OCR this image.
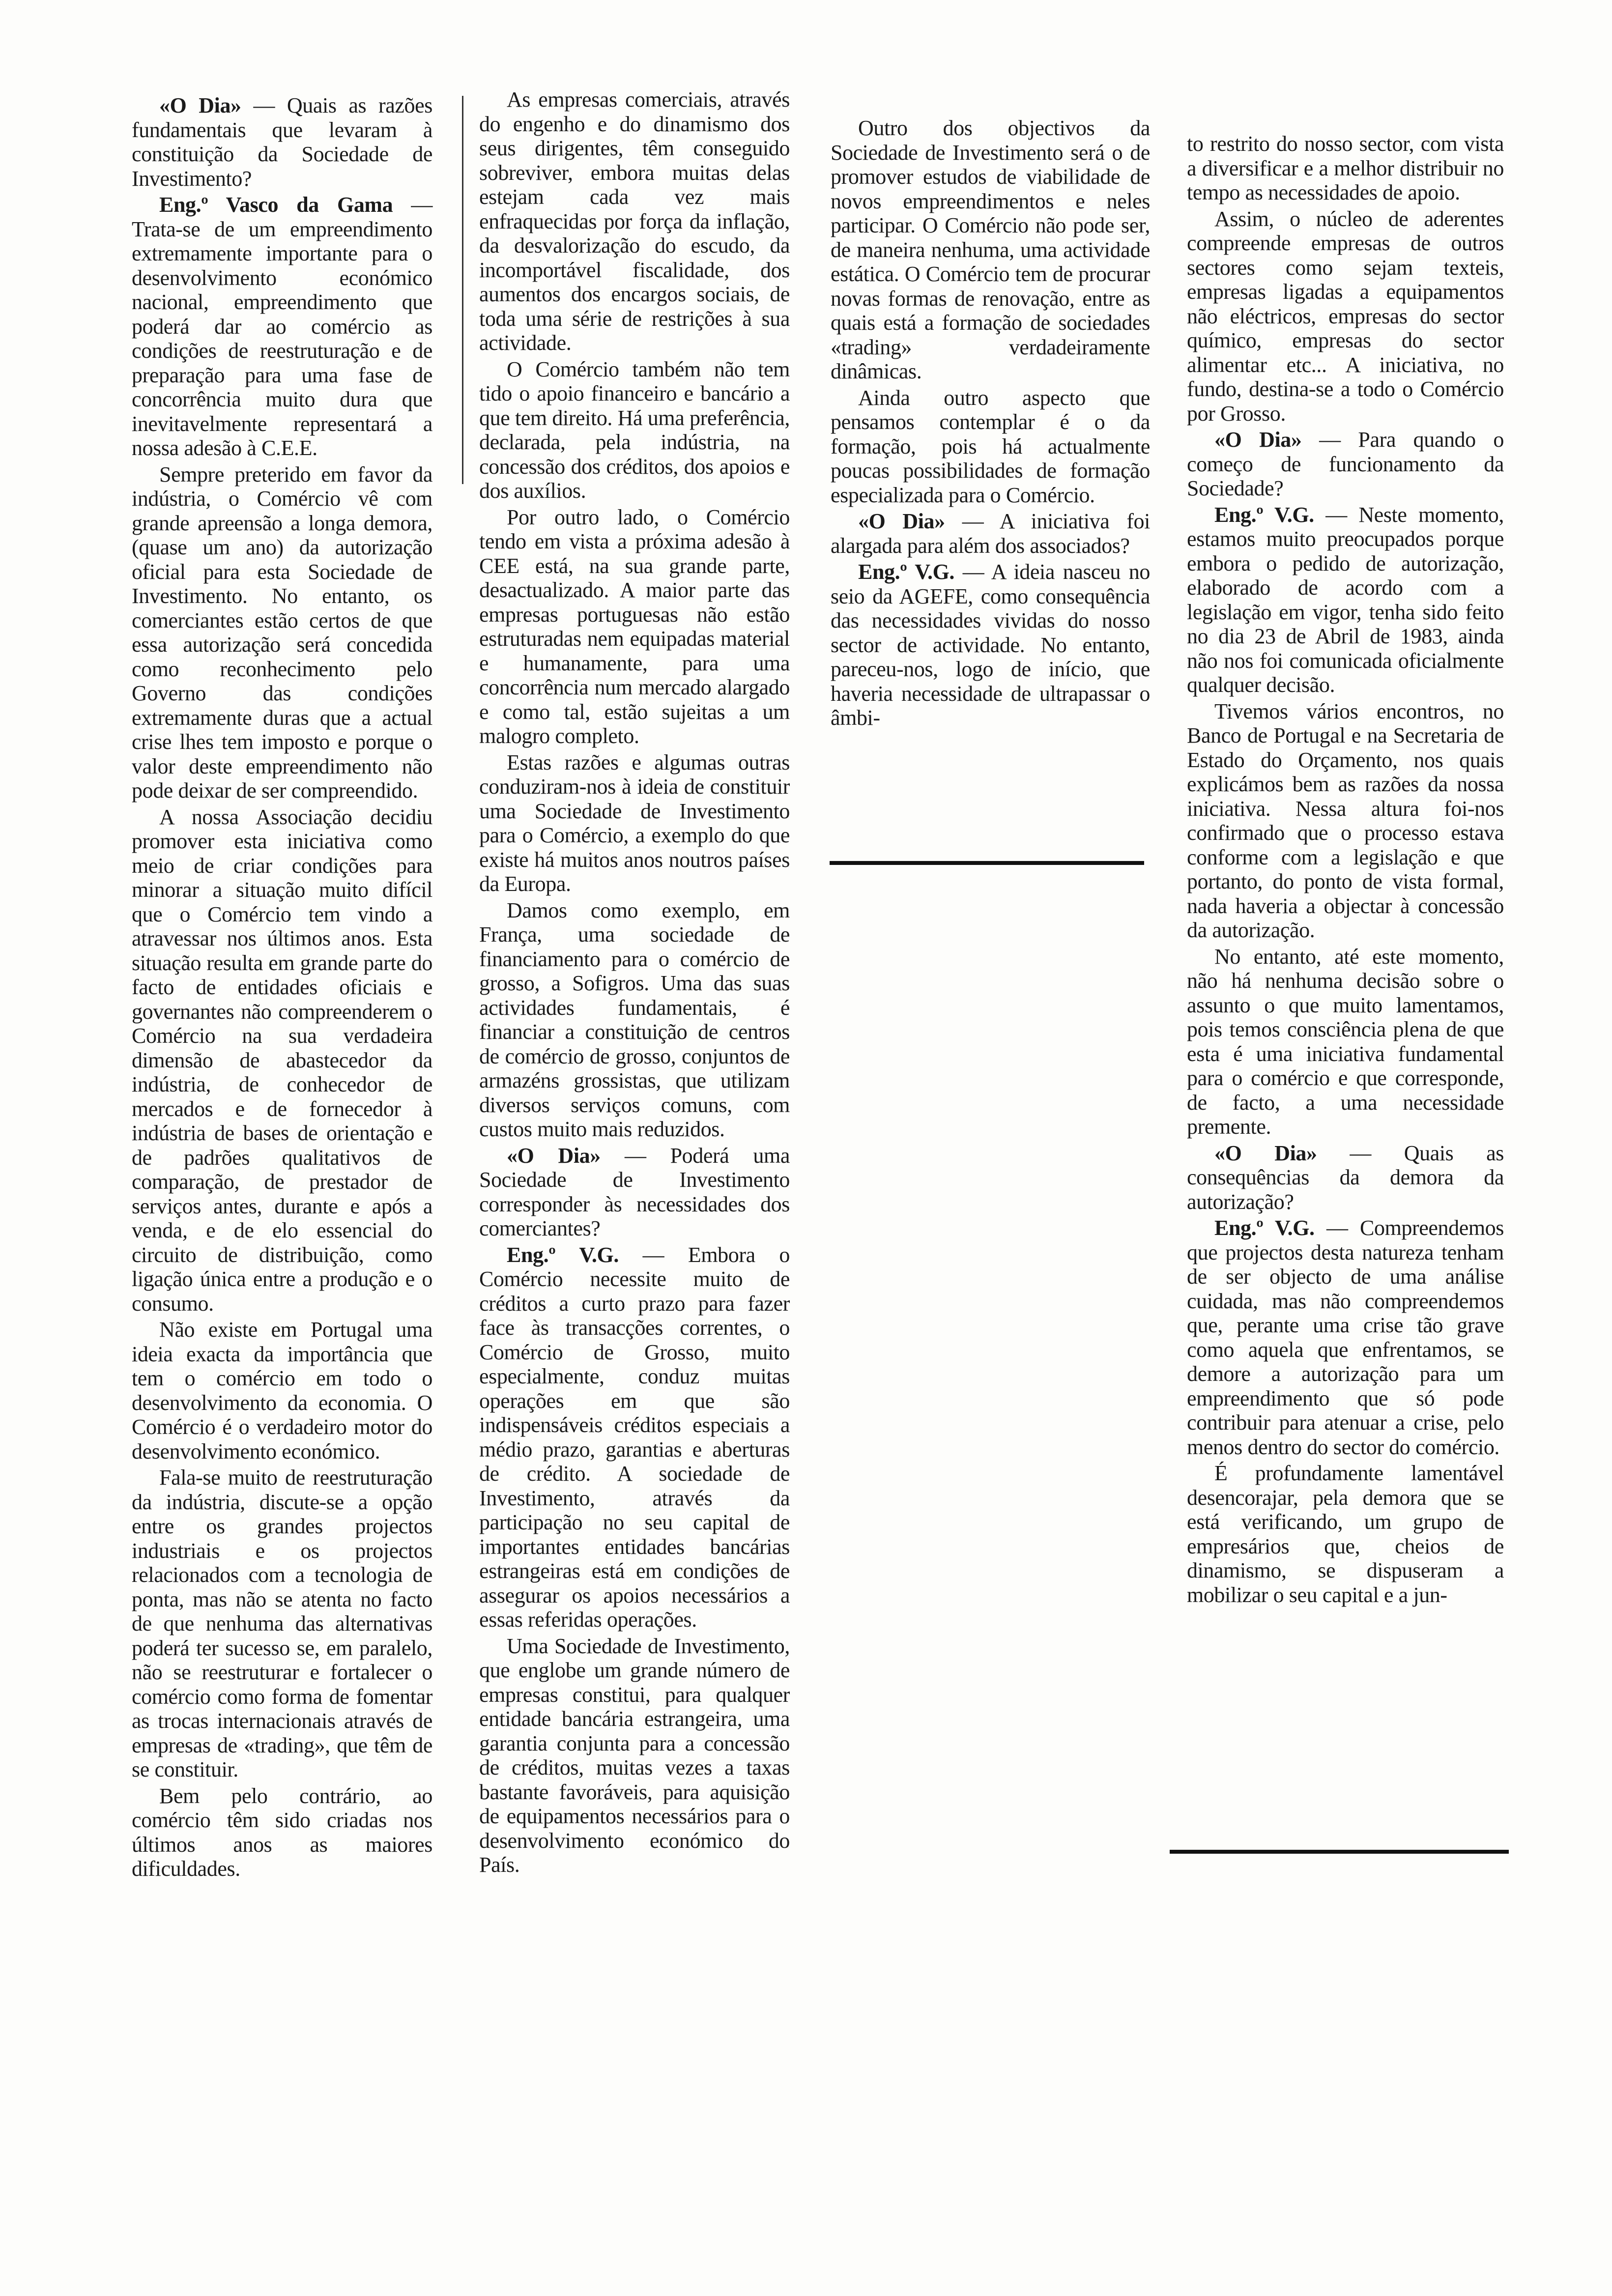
«O Dia» — Quais as razões fundamentais que levaram à constituição da Sociedade de Investimento?

Eng.º Vasco da Gama — Trata-se de um empreendimento extremamente importante para o desenvolvimento económico nacional, empreendimento que poderá dar ao comércio as condições de reestruturação e de preparação para uma fase de concorrência muito dura que inevitavelmente representará a nossa adesão à C.E.E.

Sempre preterido em favor da indústria, o Comércio vê com grande apreensão a longa demora, (quase um ano) da autorização oficial para esta Sociedade de Investimento. No entanto, os comerciantes estão certos de que essa autorização será concedida como reconhecimento pelo Governo das condições extremamente duras que a actual crise lhes tem imposto e porque o valor deste empreendimento não pode deixar de ser compreendido.

A nossa Associação decidiu promover esta iniciativa como meio de criar condições para minorar a situação muito difícil que o Comércio tem vindo a atravessar nos últimos anos. Esta situação resulta em grande parte do facto de entidades oficiais e governantes não compreenderem o Comércio na sua verdadeira dimensão de abastecedor da indústria, de conhecedor de mercados e de fornecedor à indústria de bases de orientação e de padrões qualitativos de comparação, de prestador de serviços antes, durante e após a venda, e de elo essencial do circuito de distribuição, como ligação única entre a produção e o consumo.

Não existe em Portugal uma ideia exacta da importância que tem o comércio em todo o desenvolvimento da economia. O Comércio é o verdadeiro motor do desenvolvimento económico.

Fala-se muito de reestruturação da indústria, discute-se a opção entre os grandes projectos industriais e os projectos relacionados com a tecnologia de ponta, mas não se atenta no facto de que nenhuma das alternativas poderá ter sucesso se, em paralelo, não se reestruturar e fortalecer o comércio como forma de fomentar as trocas internacionais através de empresas de «trading», que têm de se constituir.

Bem pelo contrário, ao comércio têm sido criadas nos últimos anos as maiores dificuldades.

As empresas comerciais, através do engenho e do dinamismo dos seus dirigentes, têm conseguido sobreviver, embora muitas delas estejam cada vez mais enfraquecidas por força da inflação, da desvalorização do escudo, da incomportável fiscalidade, dos aumentos dos encargos sociais, de toda uma série de restrições à sua actividade.

O Comércio também não tem tido o apoio financeiro e bancário a que tem direito. Há uma preferência, declarada, pela indústria, na concessão dos créditos, dos apoios e dos auxílios.

Por outro lado, o Comércio tendo em vista a próxima adesão à CEE está, na sua grande parte, desactualizado. A maior parte das empresas portuguesas não estão estruturadas nem equipadas material e humanamente, para uma concorrência num mercado alargado e como tal, estão sujeitas a um malogro completo.

Estas razões e algumas outras conduziram-nos à ideia de constituir uma Sociedade de Investimento para o Comércio, a exemplo do que existe há muitos anos noutros países da Europa.

Damos como exemplo, em França, uma sociedade de financiamento para o comércio de grosso, a Sofigros. Uma das suas actividades fundamentais, é financiar a constituição de centros de comércio de grosso, conjuntos de armazéns grossistas, que utilizam diversos serviços comuns, com custos muito mais reduzidos.

«O Dia» — Poderá uma Sociedade de Investimento corresponder às necessidades dos comerciantes?

Eng.º V.G. — Embora o Comércio necessite muito de créditos a curto prazo para fazer face às transacções correntes, o Comércio de Grosso, muito especialmente, conduz muitas operações em que são indispensáveis créditos especiais a médio prazo, garantias e aberturas de crédito. A sociedade de Investimento, através da participação no seu capital de importantes entidades bancárias estrangeiras está em condições de assegurar os apoios necessários a essas referidas operações.

Uma Sociedade de Investimento, que englobe um grande número de empresas constitui, para qualquer entidade bancária estrangeira, uma garantia conjunta para a concessão de créditos, muitas vezes a taxas bastante favoráveis, para aquisição de equipamentos necessários para o desenvolvimento económico do País.

Outro dos objectivos da Sociedade de Investimento será o de promover estudos de viabilidade de novos empreendimentos e neles participar. O Comércio não pode ser, de maneira nenhuma, uma actividade estática. O Comércio tem de procurar novas formas de renovação, entre as quais está a formação de sociedades «trading» verdadeiramente dinâmicas.

Ainda outro aspecto que pensamos contemplar é o da formação, pois há actualmente poucas possibilidades de formação especializada para o Comércio.

«O Dia» — A iniciativa foi alargada para além dos associados?

Eng.º V.G. — A ideia nasceu no seio da AGEFE, como consequência das necessidades vividas do nosso sector de actividade. No entanto, pareceu-nos, logo de início, que haveria necessidade de ultrapassar o âmbi-

to restrito do nosso sector, com vista a diversificar e a melhor distribuir no tempo as necessidades de apoio.

Assim, o núcleo de aderentes compreende empresas de outros sectores como sejam texteis, empresas ligadas a equipamentos não eléctricos, empresas do sector químico, empresas do sector alimentar etc... A iniciativa, no fundo, destina-se a todo o Comércio por Grosso.

«O Dia» — Para quando o começo de funcionamento da Sociedade?

Eng.º V.G. — Neste momento, estamos muito preocupados porque embora o pedido de autorização, elaborado de acordo com a legislação em vigor, tenha sido feito no dia 23 de Abril de 1983, ainda não nos foi comunicada oficialmente qualquer decisão.

Tivemos vários encontros, no Banco de Portugal e na Secretaria de Estado do Orçamento, nos quais explicámos bem as razões da nossa iniciativa. Nessa altura foi-nos confirmado que o processo estava conforme com a legislação e que portanto, do ponto de vista formal, nada haveria a objectar à concessão da autorização.

No entanto, até este momento, não há nenhuma decisão sobre o assunto o que muito lamentamos, pois temos consciência plena de que esta é uma iniciativa fundamental para o comércio e que corresponde, de facto, a uma necessidade premente.

«O Dia» — Quais as consequências da demora da autorização?

Eng.º V.G. — Compreendemos que projectos desta natureza tenham de ser objecto de uma análise cuidada, mas não compreendemos que, perante uma crise tão grave como aquela que enfrentamos, se demore a autorização para um empreendimento que só pode contribuir para atenuar a crise, pelo menos dentro do sector do comércio.

É profundamente lamentável desencorajar, pela demora que se está verificando, um grupo de empresários que, cheios de dinamismo, se dispuseram a mobilizar o seu capital e a jun-
